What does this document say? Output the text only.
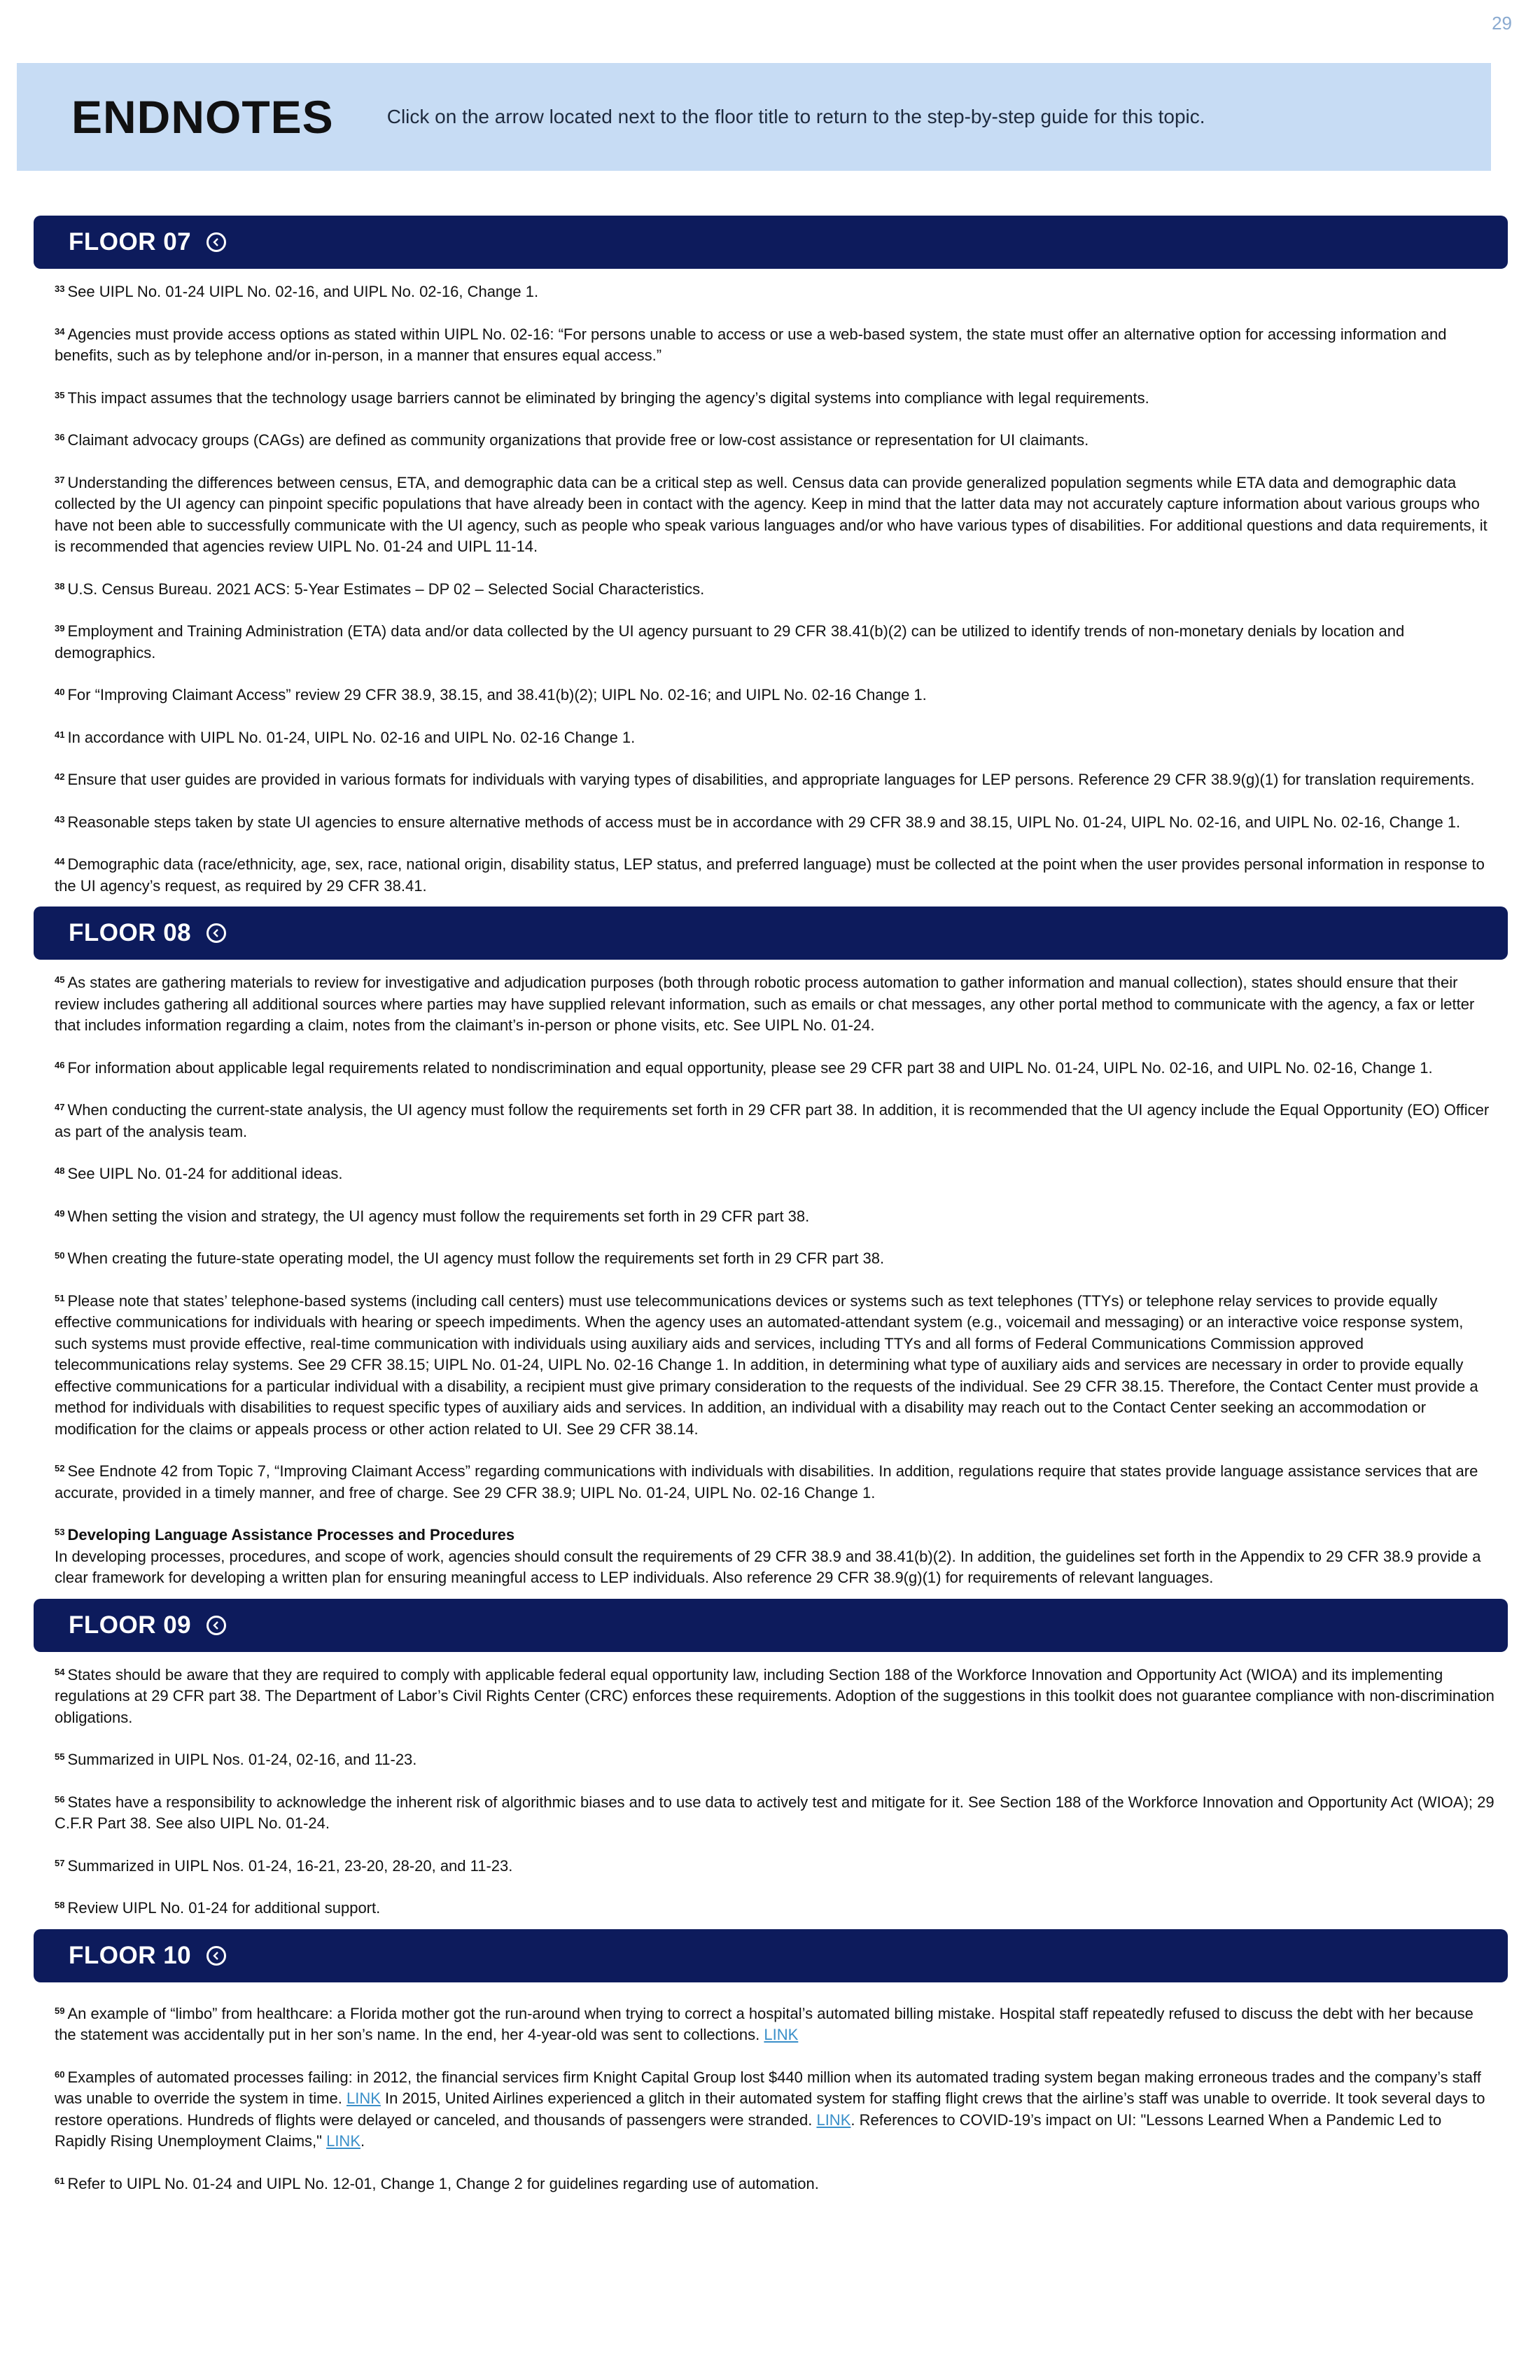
29
ENDNOTES	Click on the arrow located next to the floor title to return to the step-by-step guide for this topic.
FLOOR 07
$^{33}$ See UIPL No. 01-24 UIPL No. 02-16, and UIPL No. 02-16, Change 1.
$^{34}$ Agencies must provide access options as stated within UIPL No. 02-16: “For persons unable to access or use a web-based system, the state must offer an alternative option for accessing information and benefits, such as by telephone and/or in-person, in a manner that ensures equal access.”
$^{35}$ This impact assumes that the technology usage barriers cannot be eliminated by bringing the agency’s digital systems into compliance with legal requirements.
$^{36}$ Claimant advocacy groups (CAGs) are defined as community organizations that provide free or low-cost assistance or representation for UI claimants.
$^{37}$ Understanding the differences between census, ETA, and demographic data can be a critical step as well. Census data can provide generalized population segments while ETA data and demographic data collected by the UI agency can pinpoint specific populations that have already been in contact with the agency. Keep in mind that the latter data may not accurately capture information about various groups who have not been able to successfully communicate with the UI agency, such as people who speak various languages and/or who have various types of disabilities. For additional questions and data requirements, it is recommended that agencies review UIPL No. 01-24 and UIPL 11-14.
$^{38}$ U.S. Census Bureau. 2021 ACS: 5-Year Estimates – DP 02 – Selected Social Characteristics.
$^{39}$ Employment and Training Administration (ETA) data and/or data collected by the UI agency pursuant to 29 CFR 38.41(b)(2) can be utilized to identify trends of non-monetary denials by location and demographics.
$^{40}$ For “Improving Claimant Access” review 29 CFR 38.9, 38.15, and 38.41(b)(2); UIPL No. 02-16; and UIPL No. 02-16 Change 1.
$^{41}$ In accordance with UIPL No. 01-24, UIPL No. 02-16 and UIPL No. 02-16 Change 1.
$^{42}$ Ensure that user guides are provided in various formats for individuals with varying types of disabilities, and appropriate languages for LEP persons. Reference 29 CFR 38.9(g)(1) for translation requirements.
$^{43}$ Reasonable steps taken by state UI agencies to ensure alternative methods of access must be in accordance with 29 CFR 38.9 and 38.15, UIPL No. 01-24, UIPL No. 02-16, and UIPL No. 02-16, Change 1.
$^{44}$ Demographic data (race/ethnicity, age, sex, race, national origin, disability status, LEP status, and preferred language) must be collected at the point when the user provides personal information in response to the UI agency’s request, as required by 29 CFR 38.41.
FLOOR 08
$^{45}$ As states are gathering materials to review for investigative and adjudication purposes (both through robotic process automation to gather information and manual collection), states should ensure that their review includes gathering all additional sources where parties may have supplied relevant information, such as emails or chat messages, any other portal method to communicate with the agency, a fax or letter that includes information regarding a claim, notes from the claimant’s in-person or phone visits, etc. See UIPL No. 01-24.
$^{46}$ For information about applicable legal requirements related to nondiscrimination and equal opportunity, please see 29 CFR part 38 and UIPL No. 01-24, UIPL No. 02-16, and UIPL No. 02-16, Change 1.
$^{47}$ When conducting the current-state analysis, the UI agency must follow the requirements set forth in 29 CFR part 38. In addition, it is recommended that the UI agency include the Equal Opportunity (EO) Officer as part of the analysis team.
$^{48}$ See UIPL No. 01-24 for additional ideas.
$^{49}$ When setting the vision and strategy, the UI agency must follow the requirements set forth in 29 CFR part 38.
$^{50}$ When creating the future-state operating model, the UI agency must follow the requirements set forth in 29 CFR part 38.
$^{51}$ Please note that states’ telephone-based systems (including call centers) must use telecommunications devices or systems such as text telephones (TTYs) or telephone relay services to provide equally effective communications for individuals with hearing or speech impediments. When the agency uses an automated-attendant system (e.g., voicemail and messaging) or an interactive voice response system, such systems must provide effective, real-time communication with individuals using auxiliary aids and services, including TTYs and all forms of Federal Communications Commission approved telecommunications relay systems. See 29 CFR 38.15; UIPL No. 01-24, UIPL No. 02-16 Change 1. In addition, in determining what type of auxiliary aids and services are necessary in order to provide equally effective communications for a particular individual with a disability, a recipient must give primary consideration to the requests of the individual. See 29 CFR 38.15. Therefore, the Contact Center must provide a method for individuals with disabilities to request specific types of auxiliary aids and services. In addition, an individual with a disability may reach out to the Contact Center seeking an accommodation or modification for the claims or appeals process or other action related to UI. See 29 CFR 38.14.
$^{52}$ See Endnote 42 from Topic 7, “Improving Claimant Access” regarding communications with individuals with disabilities. In addition, regulations require that states provide language assistance services that are accurate, provided in a timely manner, and free of charge. See 29 CFR 38.9; UIPL No. 01-24, UIPL No. 02-16 Change 1.
$^{53}$ Developing Language Assistance Processes and Procedures
In developing processes, procedures, and scope of work, agencies should consult the requirements of 29 CFR 38.9 and 38.41(b)(2). In addition, the guidelines set forth in the Appendix to 29 CFR 38.9 provide a clear framework for developing a written plan for ensuring meaningful access to LEP individuals. Also reference 29 CFR 38.9(g)(1) for requirements of relevant languages.
FLOOR 09
$^{54}$ States should be aware that they are required to comply with applicable federal equal opportunity law, including Section 188 of the Workforce Innovation and Opportunity Act (WIOA) and its implementing regulations at 29 CFR part 38. The Department of Labor’s Civil Rights Center (CRC) enforces these requirements. Adoption of the suggestions in this toolkit does not guarantee compliance with non-discrimination obligations.
$^{55}$ Summarized in UIPL Nos. 01-24, 02-16, and 11-23.
$^{56}$ States have a responsibility to acknowledge the inherent risk of algorithmic biases and to use data to actively test and mitigate for it. See Section 188 of the Workforce Innovation and Opportunity Act (WIOA); 29 C.F.R Part 38. See also UIPL No. 01-24.
$^{57}$ Summarized in UIPL Nos. 01-24, 16-21, 23-20, 28-20, and 11-23.
$^{58}$ Review UIPL No. 01-24 for additional support.
FLOOR 10
$^{59}$ An example of “limbo” from healthcare: a Florida mother got the run-around when trying to correct a hospital’s automated billing mistake. Hospital staff repeatedly refused to discuss the debt with her because the statement was accidentally put in her son’s name. In the end, her 4-year-old was sent to collections. LINK
$^{60}$ Examples of automated processes failing: in 2012, the financial services firm Knight Capital Group lost $440 million when its automated trading system began making erroneous trades and the company’s staff was unable to override the system in time. LINK In 2015, United Airlines experienced a glitch in their automated system for staffing flight crews that the airline’s staff was unable to override. It took several days to restore operations. Hundreds of flights were delayed or canceled, and thousands of passengers were stranded. LINK. References to COVID-19’s impact on UI: "Lessons Learned When a Pandemic Led to Rapidly Rising Unemployment Claims," LINK.
$^{61}$ Refer to UIPL No. 01-24 and UIPL No. 12-01, Change 1, Change 2 for guidelines regarding use of automation.
